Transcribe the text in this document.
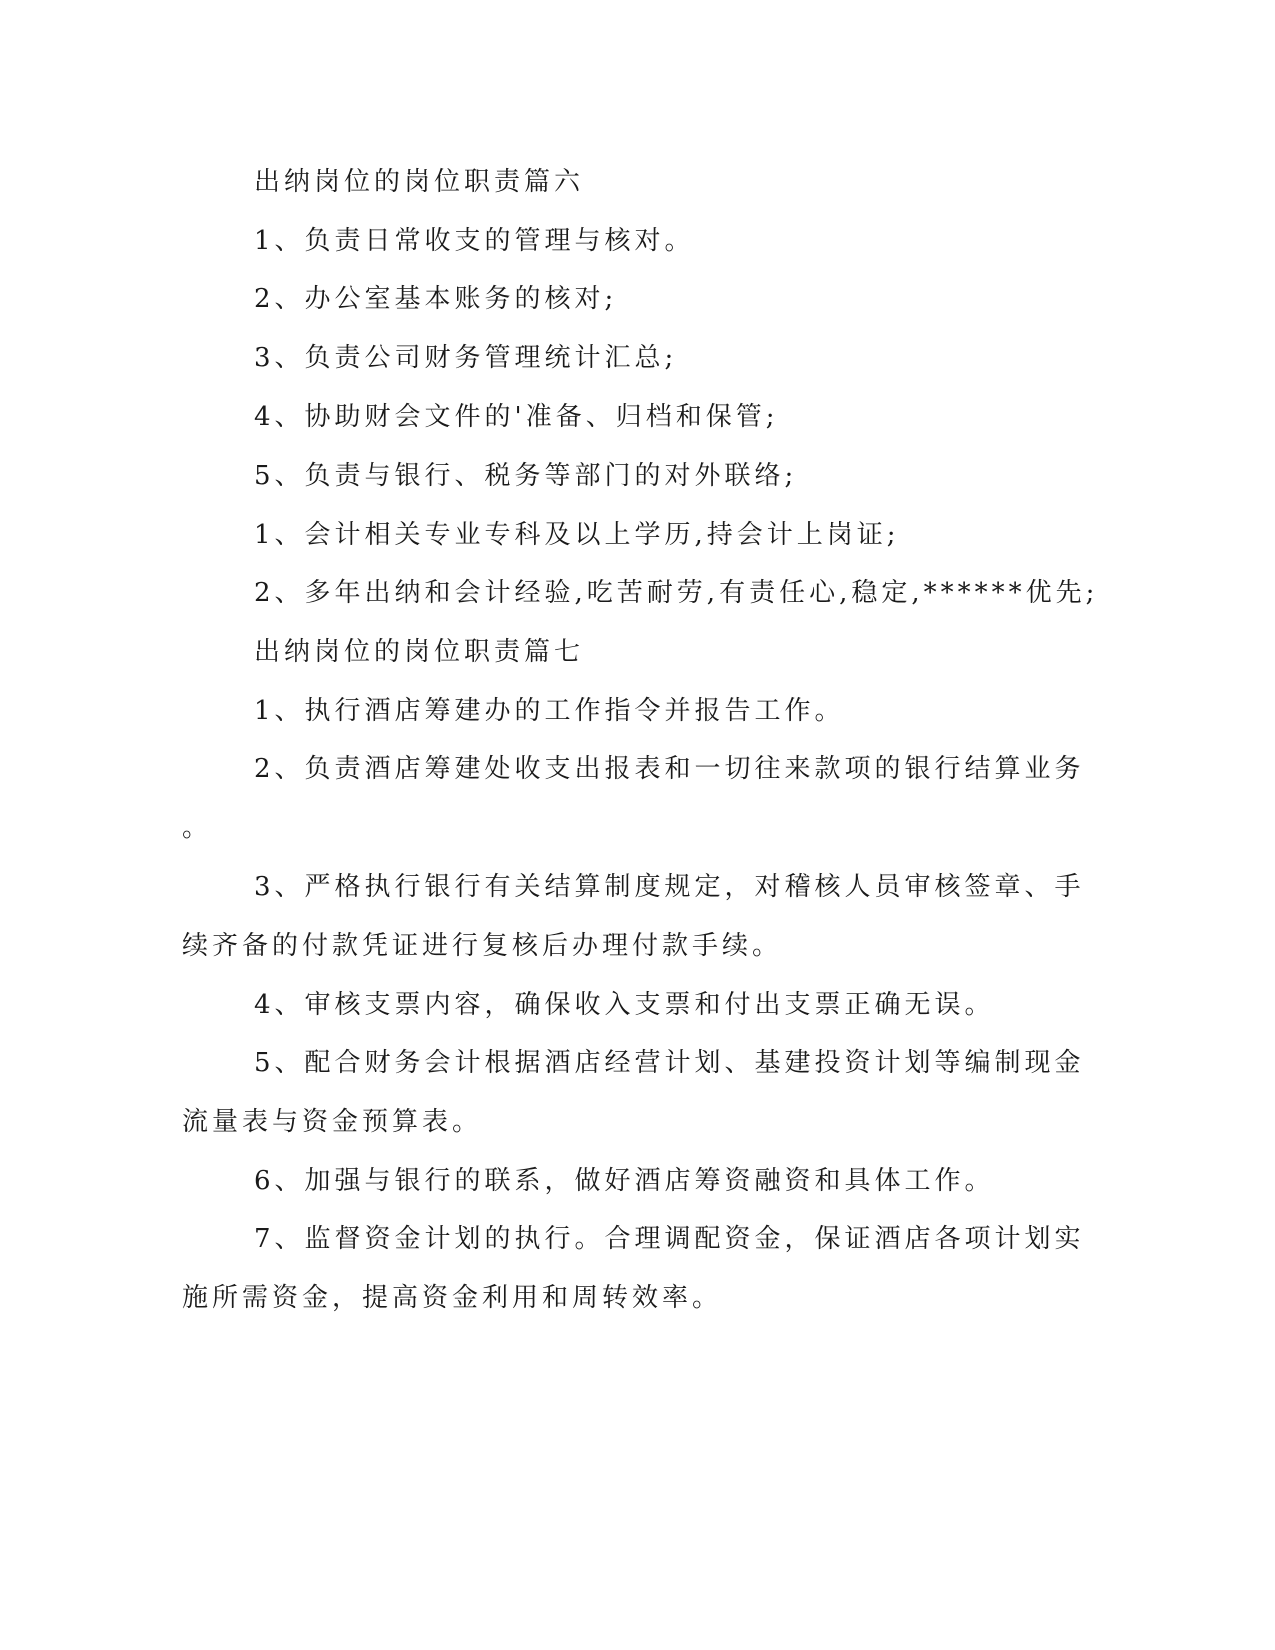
出纳岗位的岗位职责篇六
1、负责日常收支的管理与核对。
2、办公室基本账务的核对;
3、负责公司财务管理统计汇总;
4、协助财会文件的'准备、归档和保管;
5、负责与银行、税务等部门的对外联络;
1、会计相关专业专科及以上学历,持会计上岗证;
2、多年出纳和会计经验,吃苦耐劳,有责任心,稳定,******优先;
出纳岗位的岗位职责篇七
1、执行酒店筹建办的工作指令并报告工作。
2、负责酒店筹建处收支出报表和一切往来款项的银行结算业务
。
3、严格执行银行有关结算制度规定，对稽核人员审核签章、手
续齐备的付款凭证进行复核后办理付款手续。
4、审核支票内容，确保收入支票和付出支票正确无误。
5、配合财务会计根据酒店经营计划、基建投资计划等编制现金
流量表与资金预算表。
6、加强与银行的联系，做好酒店筹资融资和具体工作。
7、监督资金计划的执行。合理调配资金，保证酒店各项计划实
施所需资金，提高资金利用和周转效率。
